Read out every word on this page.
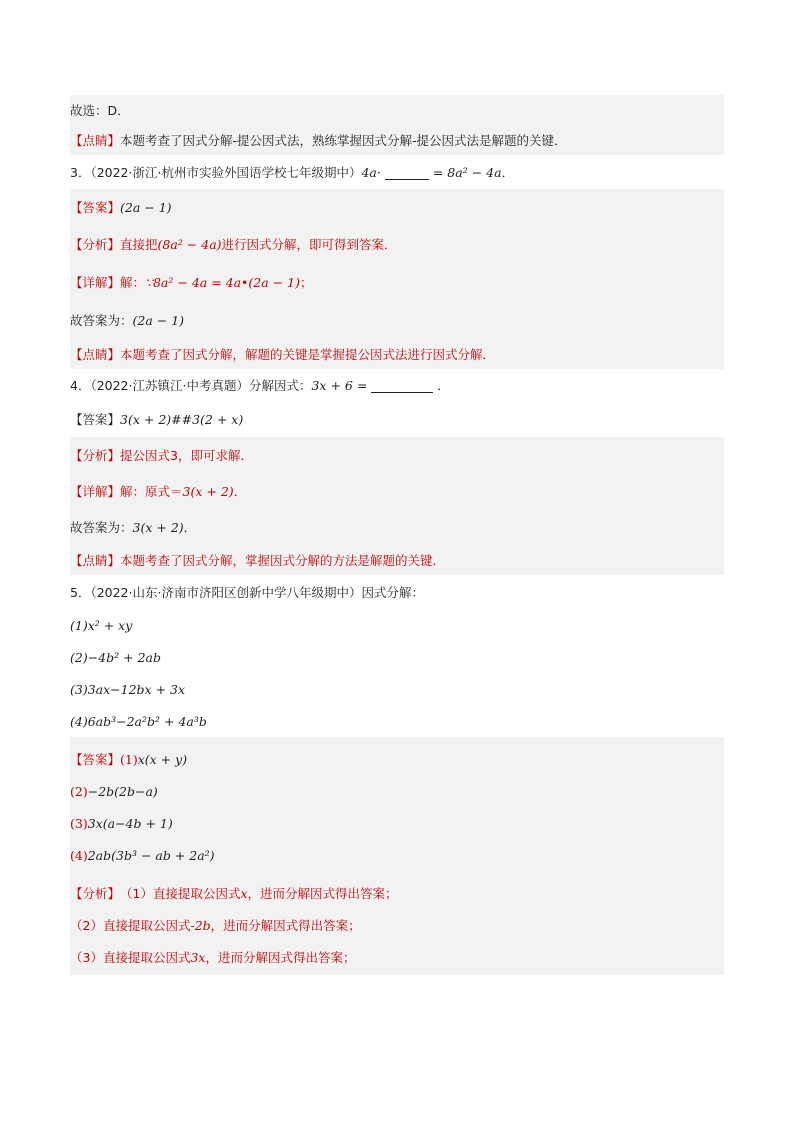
故选：D．
【点睛】 本题考查了因式分解-提公因式法，熟练掌握因式分解-提公因式法是解题的关键．
3．（2022·浙江·杭州市实验外国语学校七年级期中） 4a·	= 8a² − 4a ．
【答案】 (2a − 1)
【分析】 直接把 (8a² − 4a) 进行因式分解，即可得到答案．
【详解】 解： ∵8a² − 4a = 4a•(2a − 1) ；
故答案为： (2a − 1)
【点睛】 本题考查了因式分解，解题的关键是掌握提公因式法进行因式分解．
4．（2022·江苏镇江·中考真题）分解因式： 3x + 6 =	．
【答案】 3(x + 2)##3(2 + x)
【分析】 提公因式3，即可求解．
【详解】 解：原式＝ 3(x + 2) ．
故答案为： 3(x + 2) ．
【点睛】 本题考查了因式分解，掌握因式分解的方法是解题的关键．
5．（2022·山东·济南市济阳区创新中学八年级期中）因式分解：
(1)x² + xy
(2)−4b² + 2ab
(3)3ax−12bx + 3x
(4)6ab³−2a²b² + 4a³b
【答案】 (1) x(x + y)
(2) −2b(2b−a)
(3) 3x(a−4b + 1)
(4) 2ab(3b³ − ab + 2a²)
【分析】 （1）直接提取公因式 x ，进而分解因式得出答案；
（2）直接提取公因式 -2b ，进而分解因式得出答案；
（3）直接提取公因式 3x ，进而分解因式得出答案；
